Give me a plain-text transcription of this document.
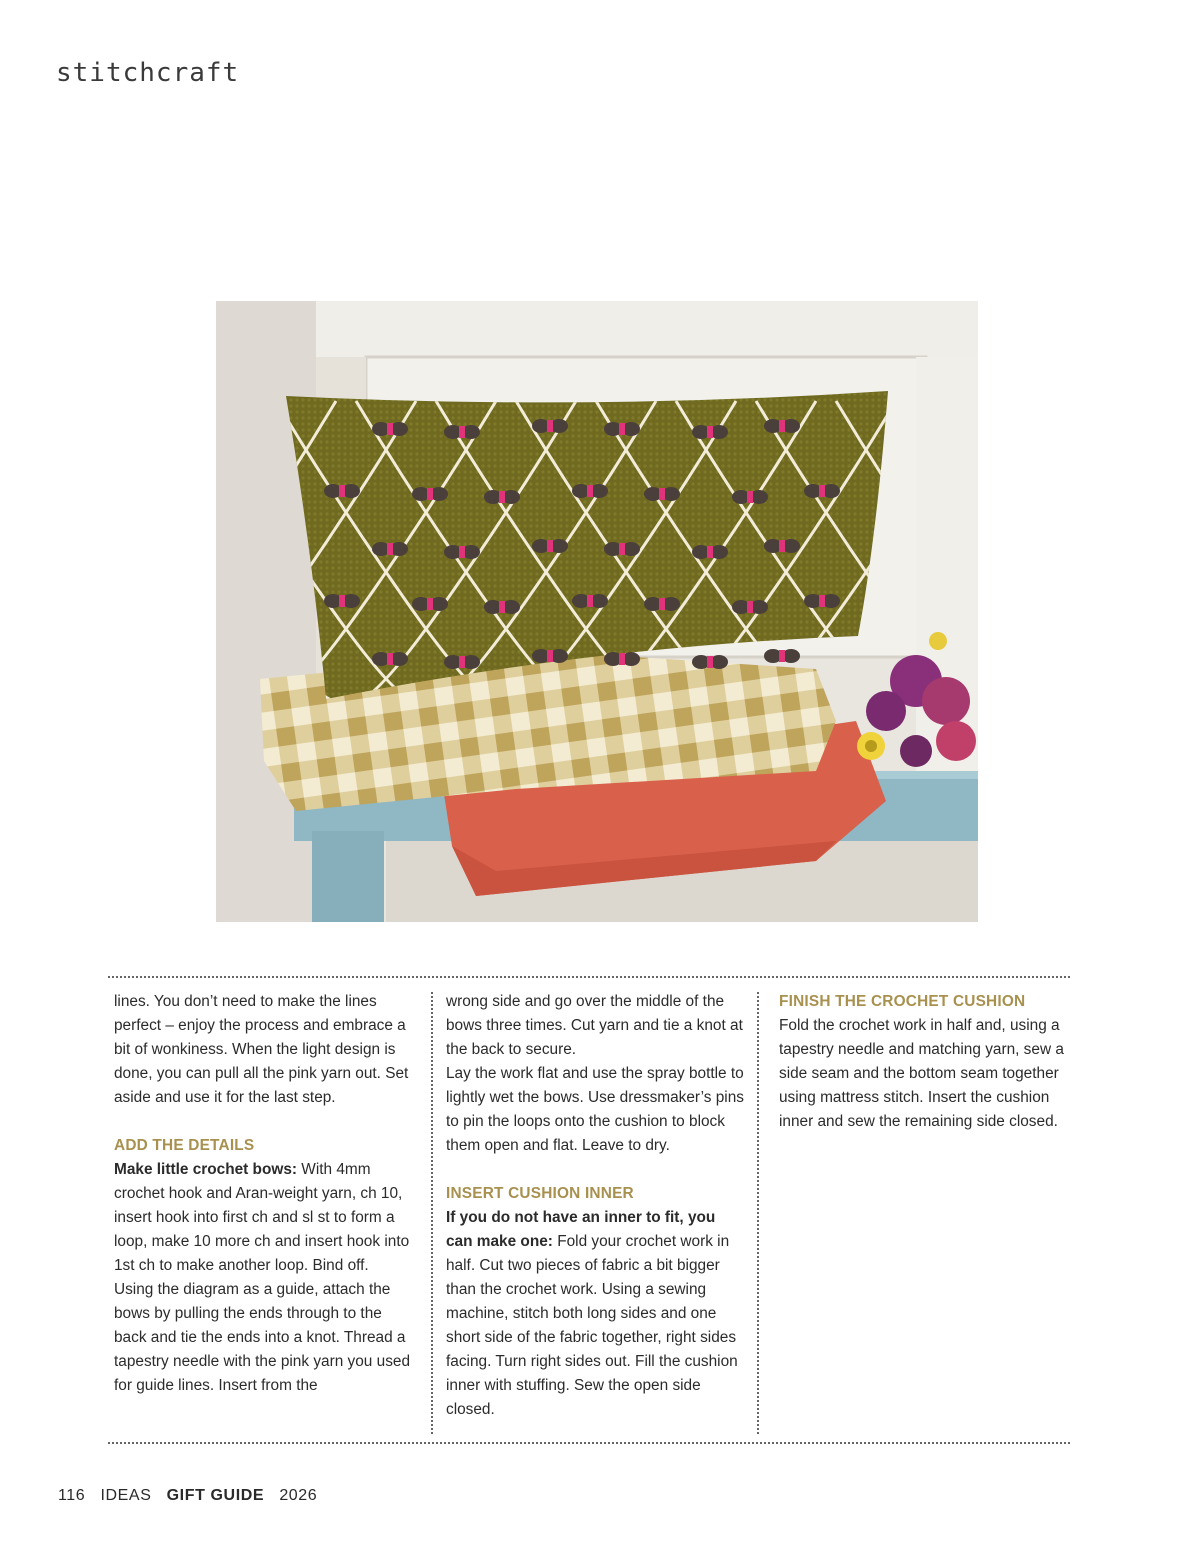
stitchcraft

lines. You don’t need to make the lines perfect – enjoy the process and embrace a bit of wonkiness. When the light design is done, you can pull all the pink yarn out. Set aside and use it for the last step.

ADD THE DETAILS

Make little crochet bows: With 4mm crochet hook and Aran-weight yarn, ch 10, insert hook into first ch and sl st to form a loop, make 10 more ch and insert hook into 1st ch to make another loop. Bind off.

Using the diagram as a guide, attach the bows by pulling the ends through to the back and tie the ends into a knot. Thread a tapestry needle with the pink yarn you used for guide lines. Insert from the

wrong side and go over the middle of the bows three times. Cut yarn and tie a knot at the back to secure.

Lay the work flat and use the spray bottle to lightly wet the bows. Use dressmaker’s pins to pin the loops onto the cushion to block them open and flat. Leave to dry.

INSERT CUSHION INNER

If you do not have an inner to fit, you can make one: Fold your crochet work in half. Cut two pieces of fabric a bit bigger than the crochet work. Using a sewing machine, stitch both long sides and one short side of the fabric together, right sides facing. Turn right sides out. Fill the cushion inner with stuffing. Sew the open side closed.

FINISH THE CROCHET CUSHION

Fold the crochet work in half and, using a tapestry needle and matching yarn, sew a side seam and the bottom seam together using mattress stitch. Insert the cushion inner and sew the remaining side closed.

116 IDEAS GIFT GUIDE 2026
